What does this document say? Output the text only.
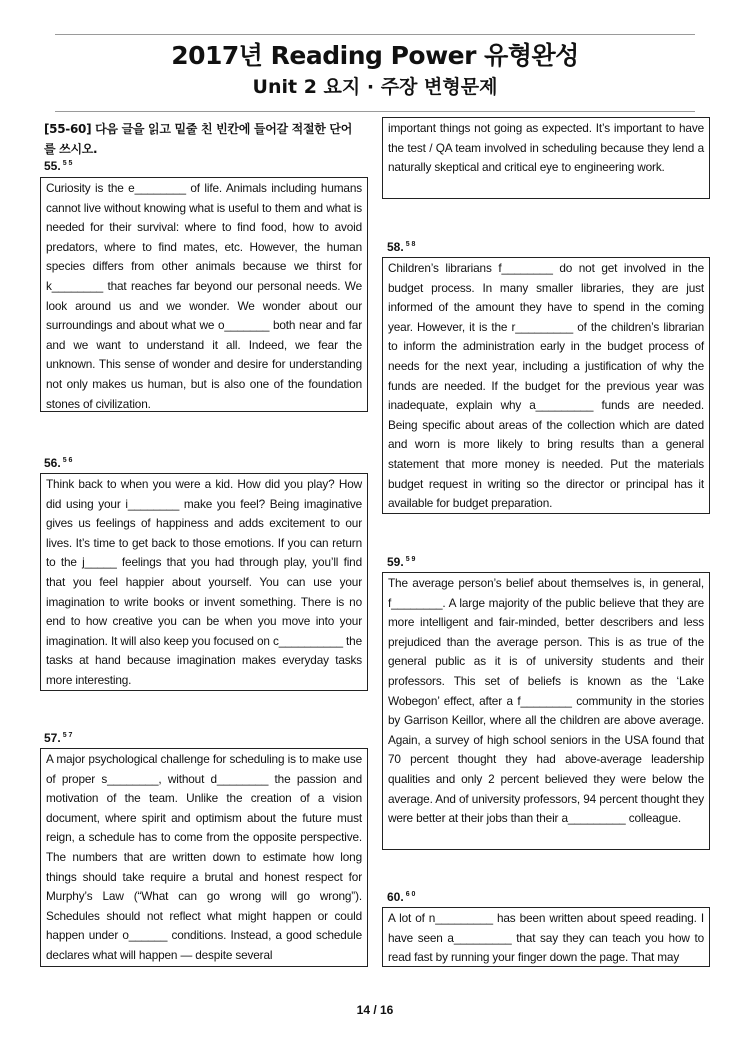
2017년 Reading Power 유형완성
Unit 2 요지 · 주장 변형문제
[55-60] 다음 글을 읽고 밑줄 친 빈칸에 들어갈 적절한 단어를 쓰시오.
55. $^{5 5}$
Curiosity is the e________ of life. Animals including humans cannot live without knowing what is useful to them and what is needed for their survival: where to find food, how to avoid predators, where to find mates, etc. However, the human species differs from other animals because we thirst for k________ that reaches far beyond our personal needs. We look around us and we wonder. We wonder about our surroundings and about what we o_______ both near and far and we want to understand it all. Indeed, we fear the unknown. This sense of wonder and desire for understanding not only makes us human, but is also one of the foundation stones of civilization.
56. $^{5 6}$
Think back to when you were a kid. How did you play? How did using your i________ make you feel? Being imaginative gives us feelings of happiness and adds excitement to our lives. It’s time to get back to those emotions. If you can return to the j_____ feelings that you had through play, you’ll find that you feel happier about yourself. You can use your imagination to write books or invent something. There is no end to how creative you can be when you move into your imagination. It will also keep you focused on c__________ the tasks at hand because imagination makes everyday tasks more interesting.
57. $^{5 7}$
A major psychological challenge for scheduling is to make use of proper s________, without d________ the passion and motivation of the team. Unlike the creation of a vision document, where spirit and optimism about the future must reign, a schedule has to come from the opposite perspective. The numbers that are written down to estimate how long things should take require a brutal and honest respect for Murphy’s Law (“What can go wrong will go wrong”). Schedules should not reflect what might happen or could happen under o______ conditions. Instead, a good schedule declares what will happen — despite several
important things not going as expected. It’s important to have the test / QA team involved in scheduling because they lend a naturally skeptical and critical eye to engineering work.
58. $^{5 8}$
Children’s librarians f________ do not get involved in the budget process. In many smaller libraries, they are just informed of the amount they have to spend in the coming year. However, it is the r_________ of the children’s librarian to inform the administration early in the budget process of needs for the next year, including a justification of why the funds are needed. If the budget for the previous year was inadequate, explain why a_________ funds are needed. Being specific about areas of the collection which are dated and worn is more likely to bring results than a general statement that more money is needed. Put the materials budget request in writing so the director or principal has it available for budget preparation.
59. $^{5 9}$
The average person’s belief about themselves is, in general, f________. A large majority of the public believe that they are more intelligent and fair-minded, better describers and less prejudiced than the average person. This is as true of the general public as it is of university students and their professors. This set of beliefs is known as the ‘Lake Wobegon’ effect, after a f________ community in the stories by Garrison Keillor, where all the children are above average. Again, a survey of high school seniors in the USA found that 70 percent thought they had above-average leadership qualities and only 2 percent believed they were below the average. And of university professors, 94 percent thought they were better at their jobs than their a_________ colleague.
60. $^{6 0}$
A lot of n_________ has been written about speed reading. I have seen a_________ that say they can teach you how to read fast by running your finger down the page. That may
14 / 16
